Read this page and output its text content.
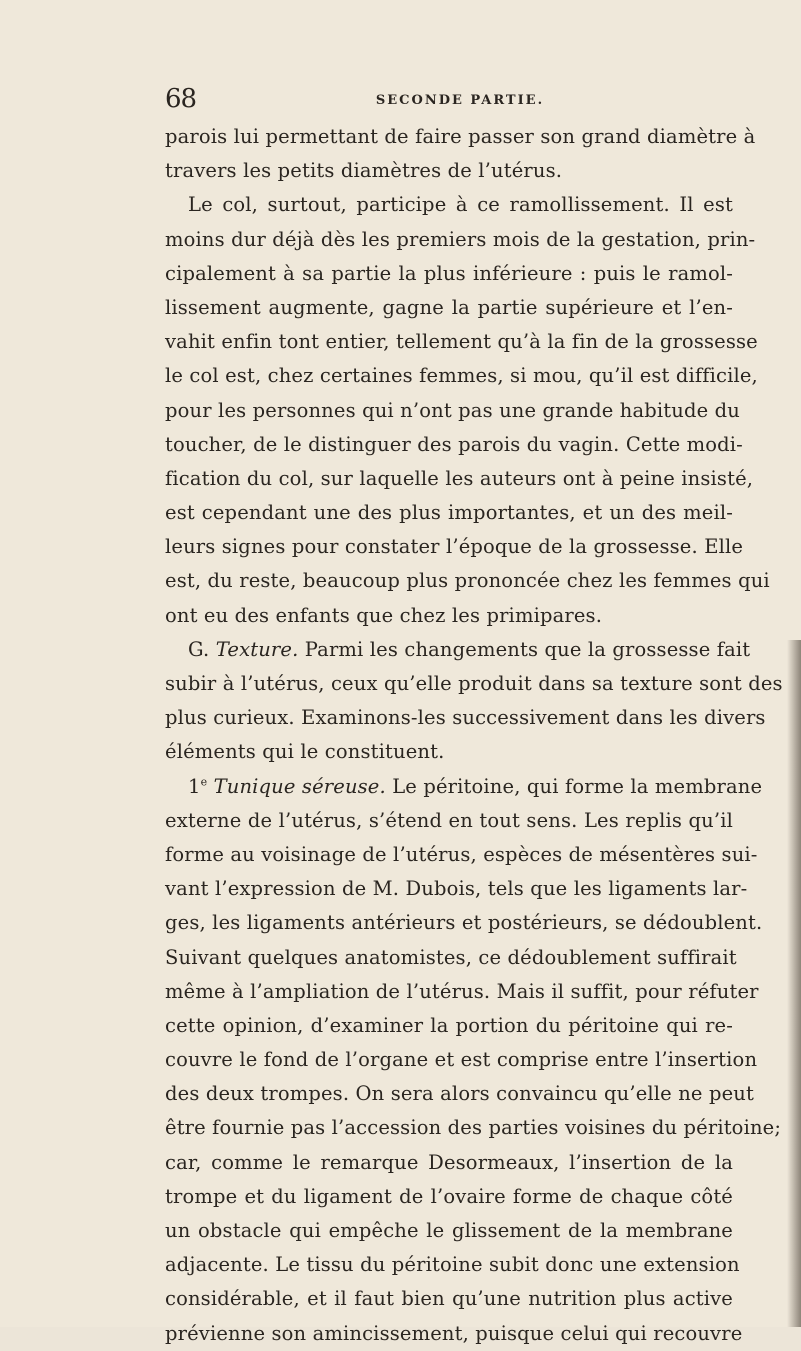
68	SECONDE PARTIE.
parois lui permettant de faire passer son grand diamètre à
travers les petits diamètres de l’utérus.
Le col, surtout, participe à ce ramollissement. Il est
moins dur déjà dès les premiers mois de la gestation, prin-
cipalement à sa partie la plus inférieure : puis le ramol-
lissement augmente, gagne la partie supérieure et l’en-
vahit enfin tont entier, tellement qu’à la fin de la grossesse
le col est, chez certaines femmes, si mou, qu’il est difficile,
pour les personnes qui n’ont pas une grande habitude du
toucher, de le distinguer des parois du vagin. Cette modi-
fication du col, sur laquelle les auteurs ont à peine insisté,
est cependant une des plus importantes, et un des meil-
leurs signes pour constater l’époque de la grossesse. Elle
est, du reste, beaucoup plus prononcée chez les femmes qui
ont eu des enfants que chez les primipares.
G. Texture. Parmi les changements que la grossesse fait
subir à l’utérus, ceux qu’elle produit dans sa texture sont des
plus curieux. Examinons-les successivement dans les divers
éléments qui le constituent.
1e Tunique séreuse. Le péritoine, qui forme la membrane
externe de l’utérus, s’étend en tout sens. Les replis qu’il
forme au voisinage de l’utérus, espèces de mésentères sui-
vant l’expression de M. Dubois, tels que les ligaments lar-
ges, les ligaments antérieurs et postérieurs, se dédoublent.
Suivant quelques anatomistes, ce dédoublement suffirait
même à l’ampliation de l’utérus. Mais il suffit, pour réfuter
cette opinion, d’examiner la portion du péritoine qui re-
couvre le fond de l’organe et est comprise entre l’insertion
des deux trompes. On sera alors convaincu qu’elle ne peut
être fournie pas l’accession des parties voisines du péritoine;
car, comme le remarque Desormeaux, l’insertion de la
trompe et du ligament de l’ovaire forme de chaque côté
un obstacle qui empêche le glissement de la membrane
adjacente. Le tissu du péritoine subit donc une extension
considérable, et il faut bien qu’une nutrition plus active
prévienne son amincissement, puisque celui qui recouvre
